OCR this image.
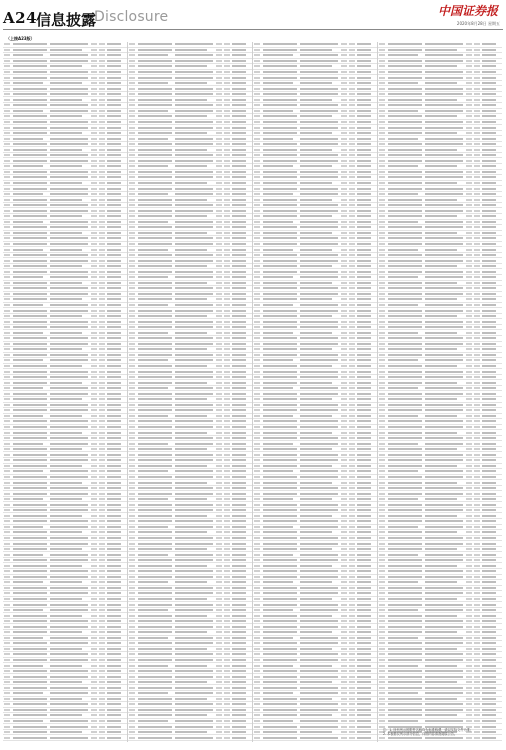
A24
信息披露
Disclosure	中国证券报
2020年8月28日 星期五
（上接A23版）
注：1. 所有列示的附件名称均为标准称谓，请以实际文件为准；
2. 本表格仅列示部分信息，详细内容请查阅原公告。
